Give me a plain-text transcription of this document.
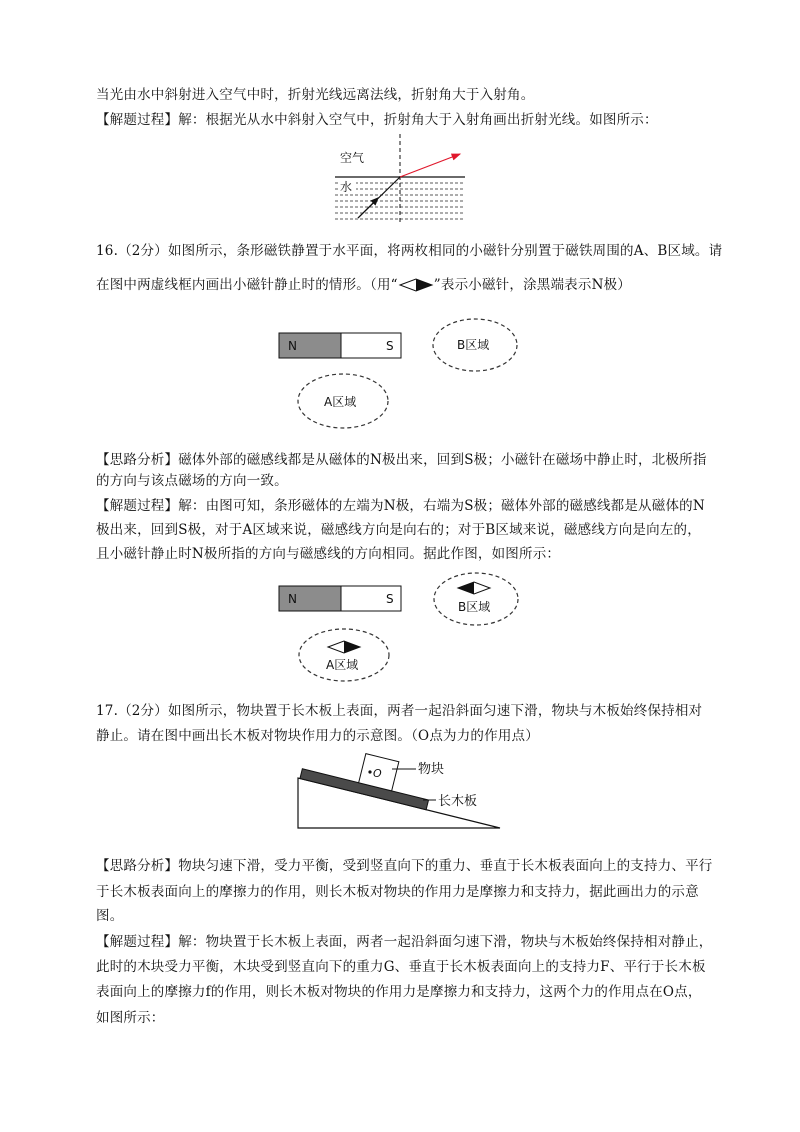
当光由水中斜射进入空气中时，折射光线远离法线，折射角大于入射角。
【解题过程】解：根据光从水中斜射入空气中，折射角大于入射角画出折射光线。如图所示：
空气
水
16.（2分）如图所示，条形磁铁静置于水平面，将两枚相同的小磁针分别置于磁铁周围的A、B区域。请
在图中两虚线框内画出小磁针静止时的情形。（用“	”表示小磁针，涂黑端表示N极）
N	S	B区域
A区域
【思路分析】磁体外部的磁感线都是从磁体的N极出来，回到S极；小磁针在磁场中静止时，北极所指
的方向与该点磁场的方向一致。
【解题过程】解：由图可知，条形磁体的左端为N极，右端为S极；磁体外部的磁感线都是从磁体的N
极出来，回到S极，对于A区域来说，磁感线方向是向右的；对于B区域来说，磁感线方向是向左的，
且小磁针静止时N极所指的方向与磁感线的方向相同。据此作图，如图所示：
N	S
B区域
A区域
17.（2分）如图所示，物块置于长木板上表面，两者一起沿斜面匀速下滑，物块与木板始终保持相对
静止。请在图中画出长木板对物块作用力的示意图。（O点为力的作用点）
O	物块
长木板
【思路分析】物块匀速下滑，受力平衡，受到竖直向下的重力、垂直于长木板表面向上的支持力、平行
于长木板表面向上的摩擦力的作用，则长木板对物块的作用力是摩擦力和支持力，据此画出力的示意
图。
【解题过程】解：物块置于长木板上表面，两者一起沿斜面匀速下滑，物块与木板始终保持相对静止，
此时的木块受力平衡，木块受到竖直向下的重力G、垂直于长木板表面向上的支持力F、平行于长木板
表面向上的摩擦力f的作用，则长木板对物块的作用力是摩擦力和支持力，这两个力的作用点在O点，
如图所示：
